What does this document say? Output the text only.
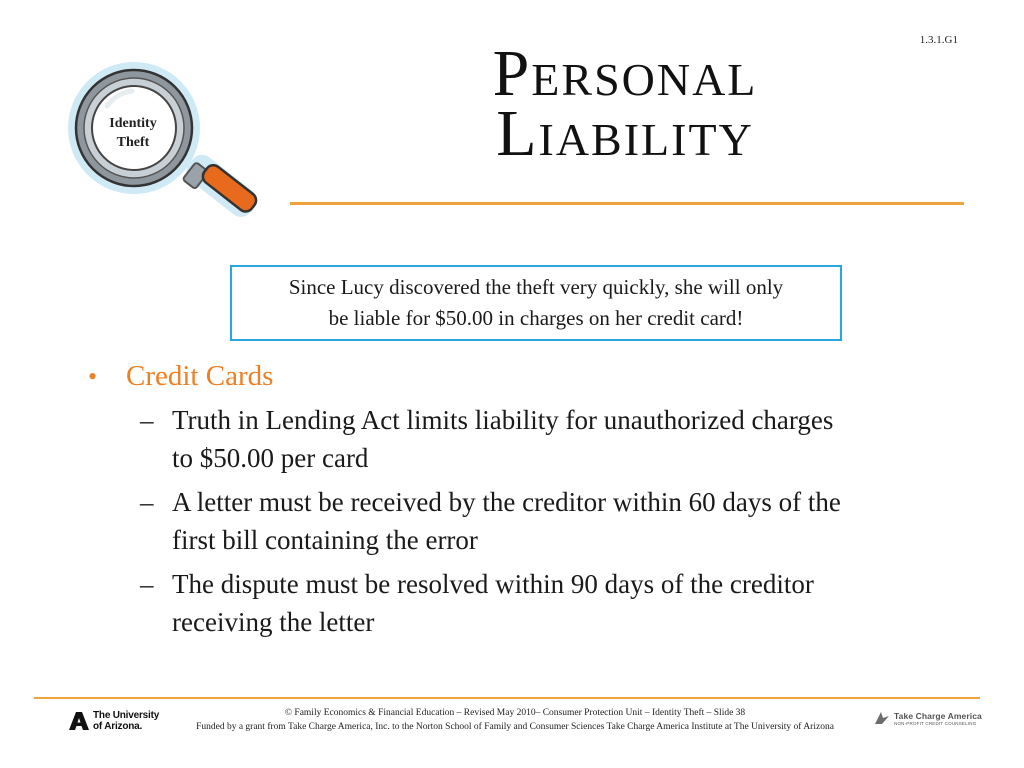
1.3.1.G1
Personal
Liability
Identity
Theft
Since Lucy discovered the theft very quickly, she will only
be liable for $50.00 in charges on her credit card!
• Credit Cards
– Truth in Lending Act limits liability for unauthorized charges
to $50.00 per card
– A letter must be received by the creditor within 60 days of the
first bill containing the error
– The dispute must be resolved within 90 days of the creditor
receiving the letter
The University
of Arizona.
© Family Economics & Financial Education – Revised May 2010– Consumer Protection Unit – Identity Theft – Slide 38
Funded by a grant from Take Charge America, Inc. to the Norton School of Family and Consumer Sciences Take Charge America Institute at The University of Arizona
Take Charge America
NON-PROFIT CREDIT COUNSELING
